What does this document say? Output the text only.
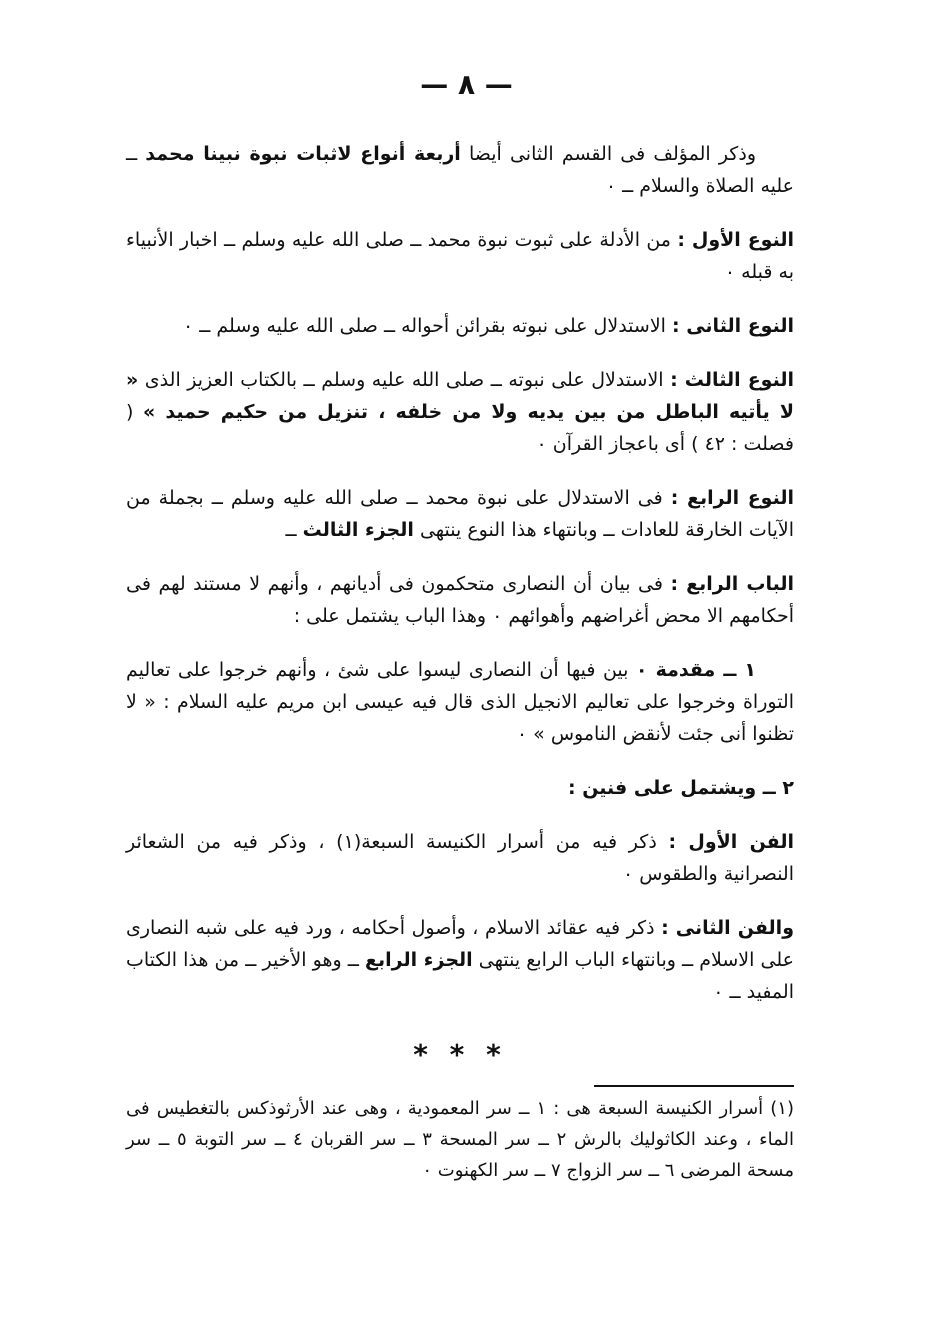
— ٨ —

وذكر المؤلف فى القسم الثانى أيضا أربعة أنواع لاثبات نبوة نبينا محمد ــ عليه الصلاة والسلام ــ ٠

النوع الأول : من الأدلة على ثبوت نبوة محمد ــ صلى الله عليه وسلم ــ اخبار الأنبياء به قبله ٠

النوع الثانى : الاستدلال على نبوته بقرائن أحواله ــ صلى الله عليه وسلم ــ ٠

النوع الثالث : الاستدلال على نبوته ــ صلى الله عليه وسلم ــ بالكتاب العزيز الذى « لا يأتيه الباطل من بين يديه ولا من خلفه ، تنزيل من حكيم حميد » ( فصلت : ٤٢ ) أى باعجاز القرآن ٠

النوع الرابع : فى الاستدلال على نبوة محمد ــ صلى الله عليه وسلم ــ بجملة من الآيات الخارقة للعادات ــ وبانتهاء هذا النوع ينتهى الجزء الثالث ــ

الباب الرابع : فى بيان أن النصارى متحكمون فى أديانهم ، وأنهم لا مستند لهم فى أحكامهم الا محض أغراضهم وأهوائهم ٠ وهذا الباب يشتمل على :

١ ــ مقدمة ٠ بين فيها أن النصارى ليسوا على شئ ، وأنهم خرجوا على تعاليم التوراة وخرجوا على تعاليم الانجيل الذى قال فيه عيسى ابن مريم عليه السلام : « لا تظنوا أنى جئت لأنقض الناموس » ٠

٢ ــ ويشتمل على فنين :

الفن الأول : ذكر فيه من أسرار الكنيسة السبعة(١) ، وذكر فيه من الشعائر النصرانية والطقوس ٠

والفن الثانى : ذكر فيه عقائد الاسلام ، وأصول أحكامه ، ورد فيه على شبه النصارى على الاسلام ــ وبانتهاء الباب الرابع ينتهى الجزء الرابع ــ وهو الأخير ــ من هذا الكتاب المفيد ــ ٠

* * *

(١) أسرار الكنيسة السبعة هى : ١ ــ سر المعمودية ، وهى عند الأرثوذكس بالتغطيس فى الماء ، وعند الكاثوليك بالرش ٢ ــ سر المسحة ٣ ــ سر القربان ٤ ــ سر التوبة ٥ ــ سر مسحة المرضى ٦ ــ سر الزواج ٧ ــ سر الكهنوت ٠
